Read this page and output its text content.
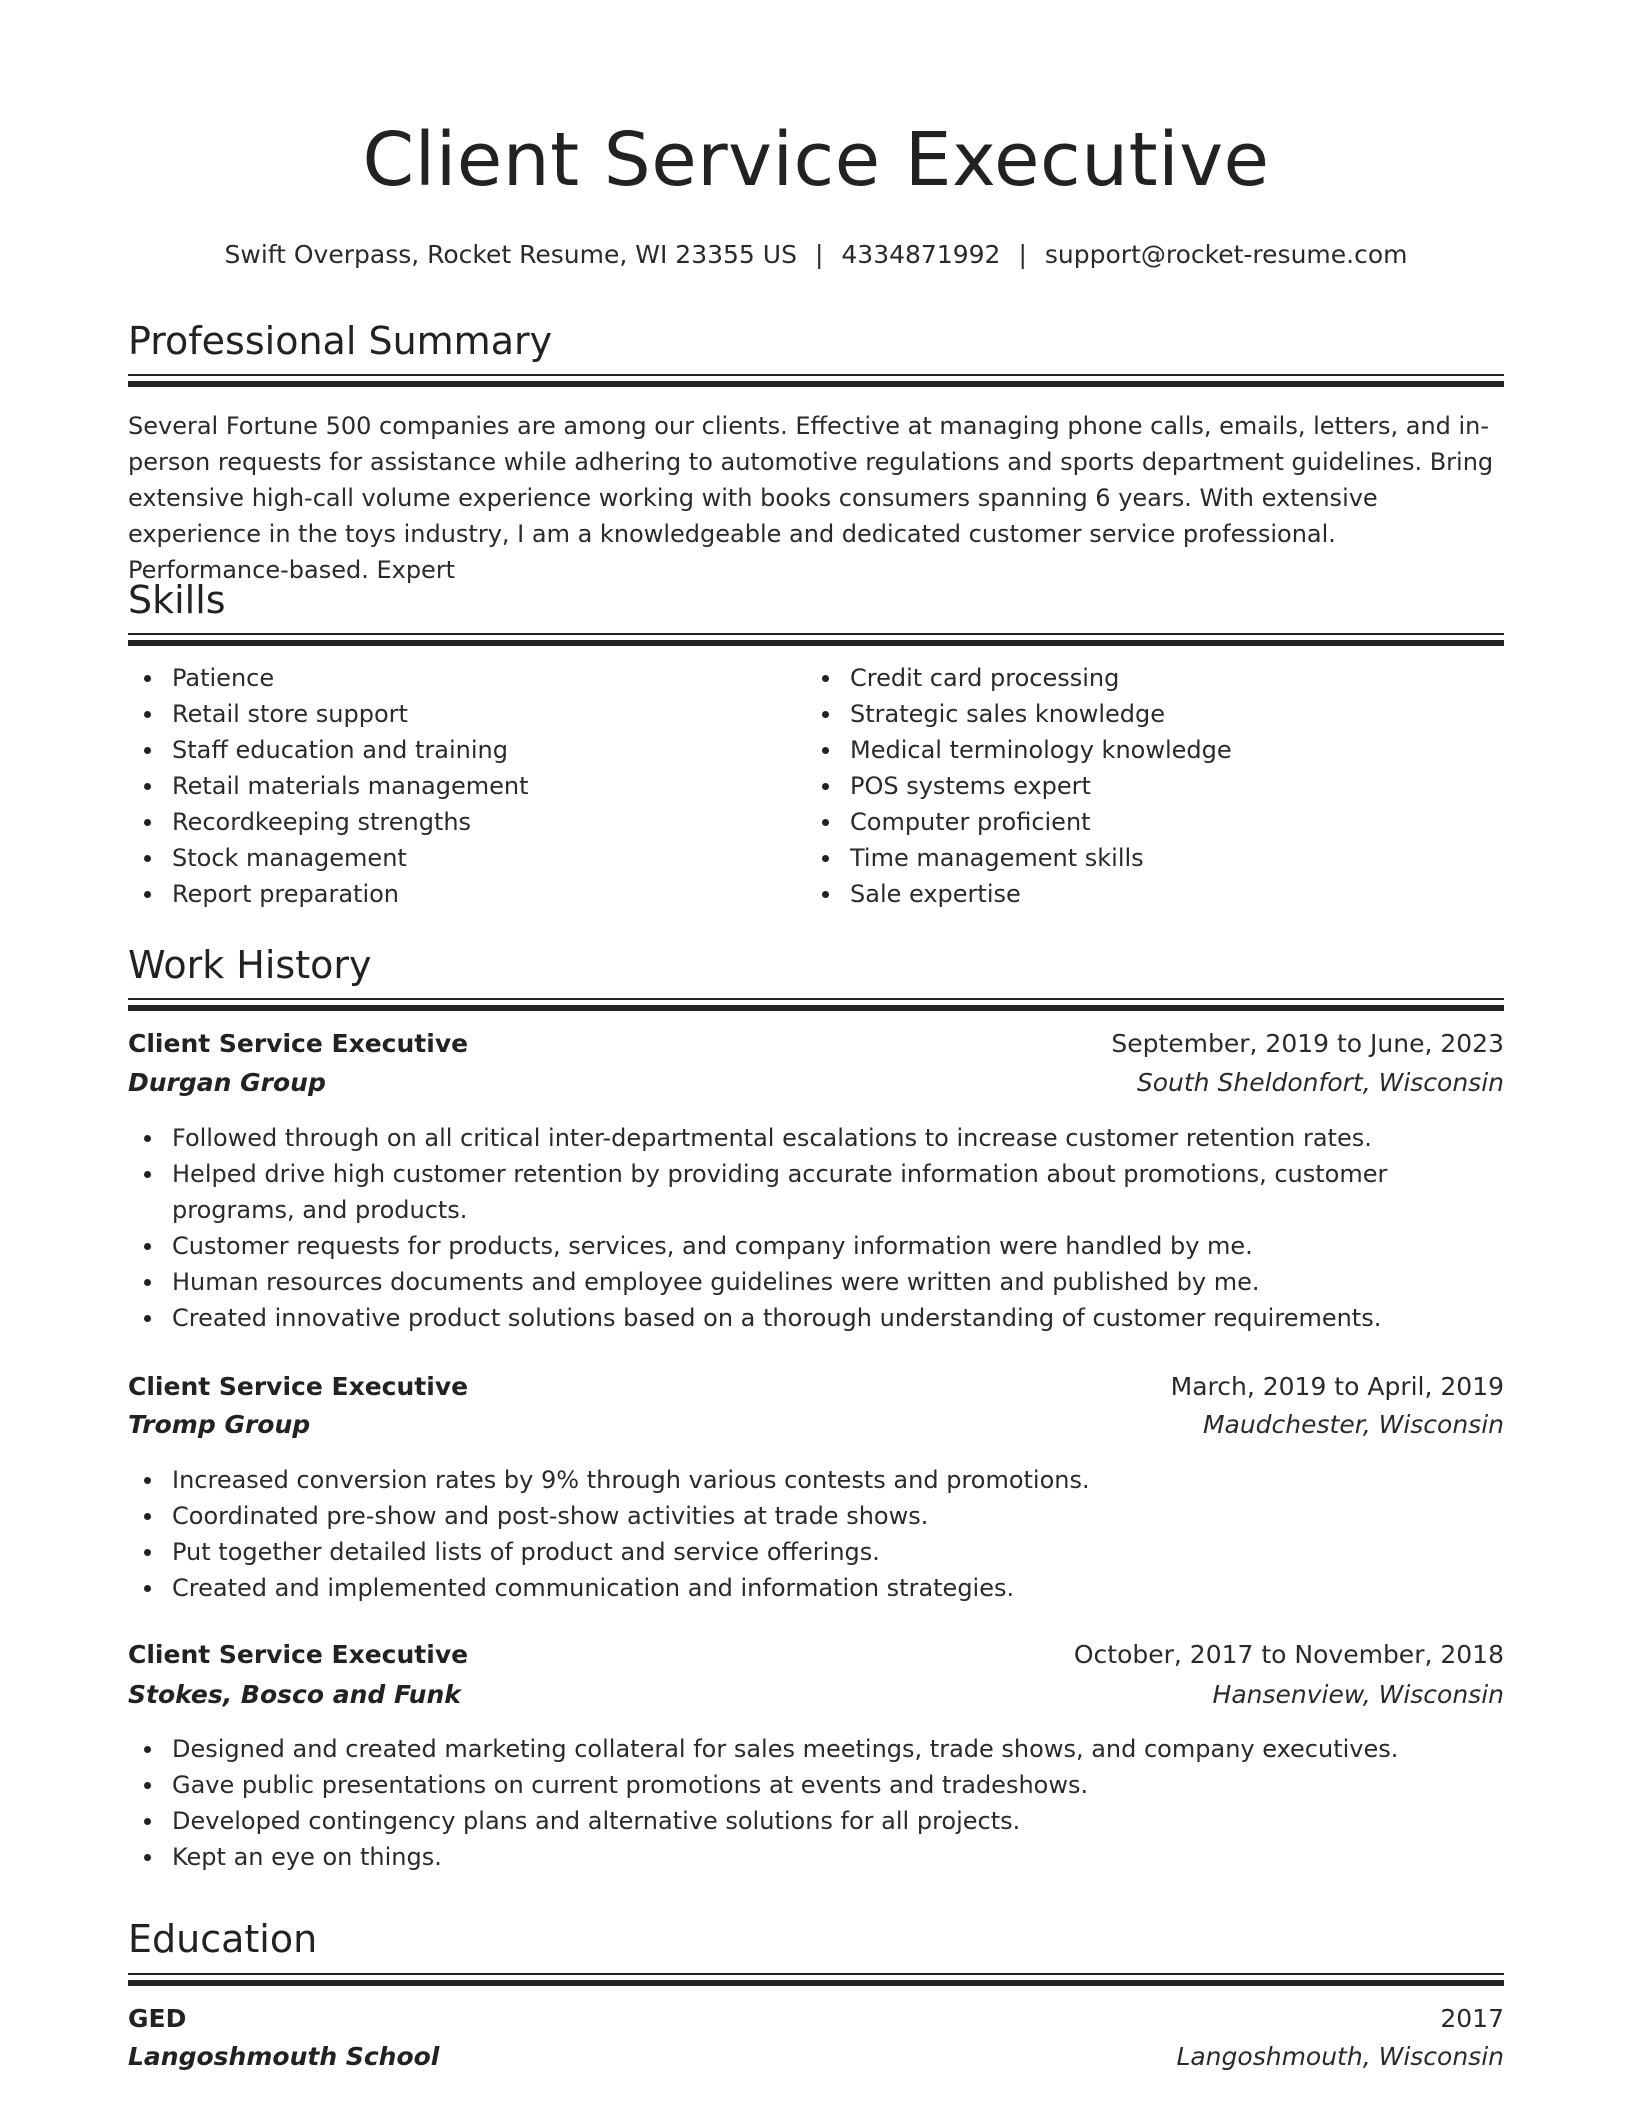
Client Service Executive
Swift Overpass, Rocket Resume, WI 23355 US | 4334871992 | support@rocket-resume.com
Professional Summary

Several Fortune 500 companies are among our clients. Effective at managing phone calls, emails, letters, and in-person requests for assistance while adhering to automotive regulations and sports department guidelines. Bring extensive high-call volume experience working with books consumers spanning 6 years. With extensive experience in the toys industry, I am a knowledgeable and dedicated customer service professional. Performance-based. Expert

Skills
Patience
Retail store support
Staff education and training
Retail materials management
Recordkeeping strengths
Stock management
Report preparation
Credit card processing
Strategic sales knowledge
Medical terminology knowledge
POS systems expert
Computer proficient
Time management skills
Sale expertise
Work History
Client Service Executive	September, 2019 to June, 2023
Durgan Group	South Sheldonfort, Wisconsin
Followed through on all critical inter-departmental escalations to increase customer retention rates.
Helped drive high customer retention by providing accurate information about promotions, customer programs, and products.
Customer requests for products, services, and company information were handled by me.
Human resources documents and employee guidelines were written and published by me.
Created innovative product solutions based on a thorough understanding of customer requirements.
Client Service Executive	March, 2019 to April, 2019
Tromp Group	Maudchester, Wisconsin
Increased conversion rates by 9% through various contests and promotions.
Coordinated pre-show and post-show activities at trade shows.
Put together detailed lists of product and service offerings.
Created and implemented communication and information strategies.
Client Service Executive	October, 2017 to November, 2018
Stokes, Bosco and Funk	Hansenview, Wisconsin
Designed and created marketing collateral for sales meetings, trade shows, and company executives.
Gave public presentations on current promotions at events and tradeshows.
Developed contingency plans and alternative solutions for all projects.
Kept an eye on things.
Education
GED	2017
Langoshmouth School	Langoshmouth, Wisconsin
